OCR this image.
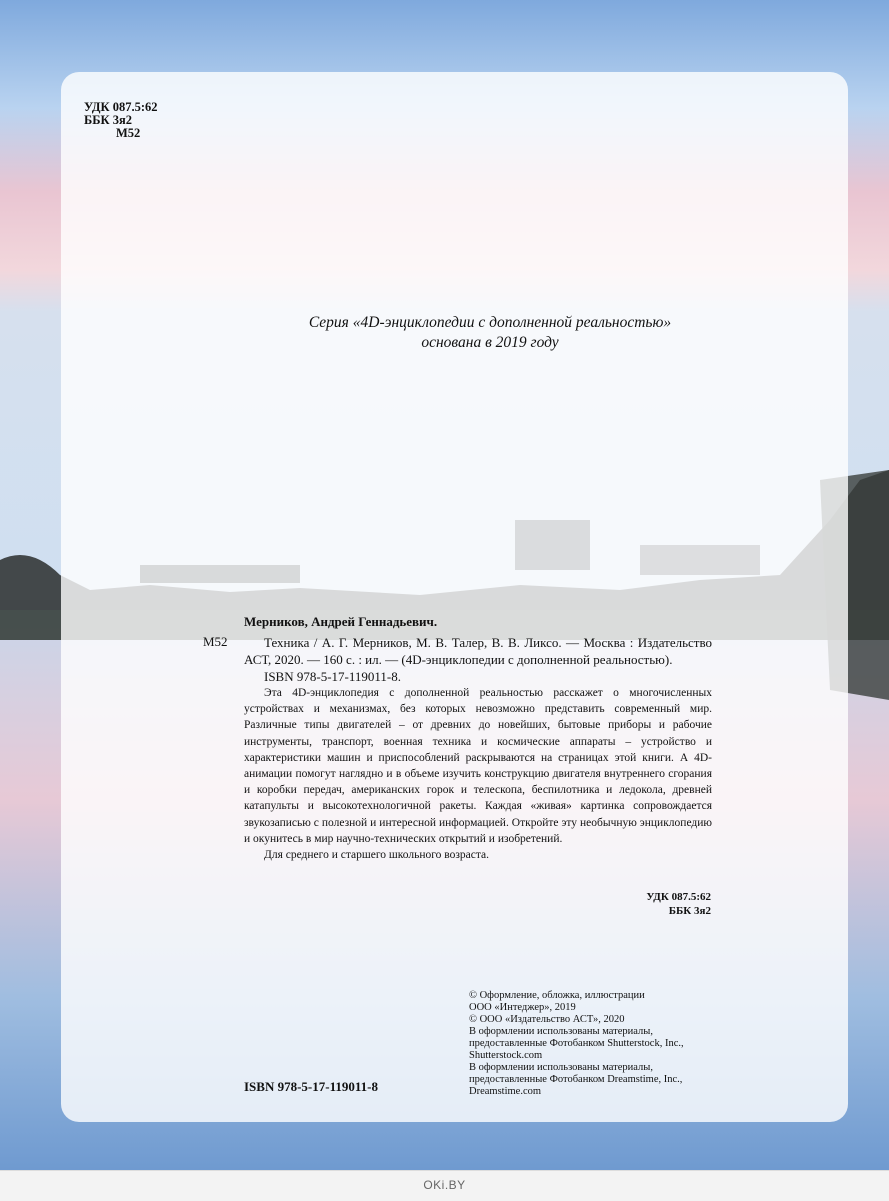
УДК 087.5:62
ББК 3я2
М52
Серия «4D-энциклопедии с дополненной реальностью»
основана в 2019 году
Мерников, Андрей Геннадьевич.
М52	Техника / А. Г. Мерников, М. В. Талер, В. В. Ликсо. — Москва : Издательство АСТ, 2020. — 160 с. : ил. — (4D-энциклопедии с дополненной реальностью).

ISBN 978-5-17-119011-8.

Эта 4D-энциклопедия с дополненной реальностью расскажет о многочисленных устройствах и механизмах, без которых невозможно представить современный мир. Различные типы двигателей – от древних до новейших, бытовые приборы и рабочие инструменты, транспорт, военная техника и космические аппараты – устройство и характеристики машин и приспособлений раскрываются на страницах этой книги. А 4D-анимации помогут наглядно и в объеме изучить конструкцию двигателя внутреннего сгорания и коробки передач, американских горок и телескопа, беспилотника и ледокола, древней катапульты и высокотехнологичной ракеты. Каждая «живая» картинка сопровождается звукозаписью с полезной и интересной информацией. Откройте эту необычную энциклопедию и окунитесь в мир научно-технических открытий и изобретений.

Для среднего и старшего школьного возраста.

УДК 087.5:62
ББК 3я2
© Оформление, обложка, иллюстрации
ООО «Интеджер», 2019
© ООО «Издательство АСТ», 2020
В оформлении использованы материалы,
предоставленные Фотобанком Shutterstock, Inc.,
Shutterstock.com
В оформлении использованы материалы,
предоставленные Фотобанком Dreamstime, Inc.,
Dreamstime.com
ISBN 978-5-17-119011-8
OKi.BY
